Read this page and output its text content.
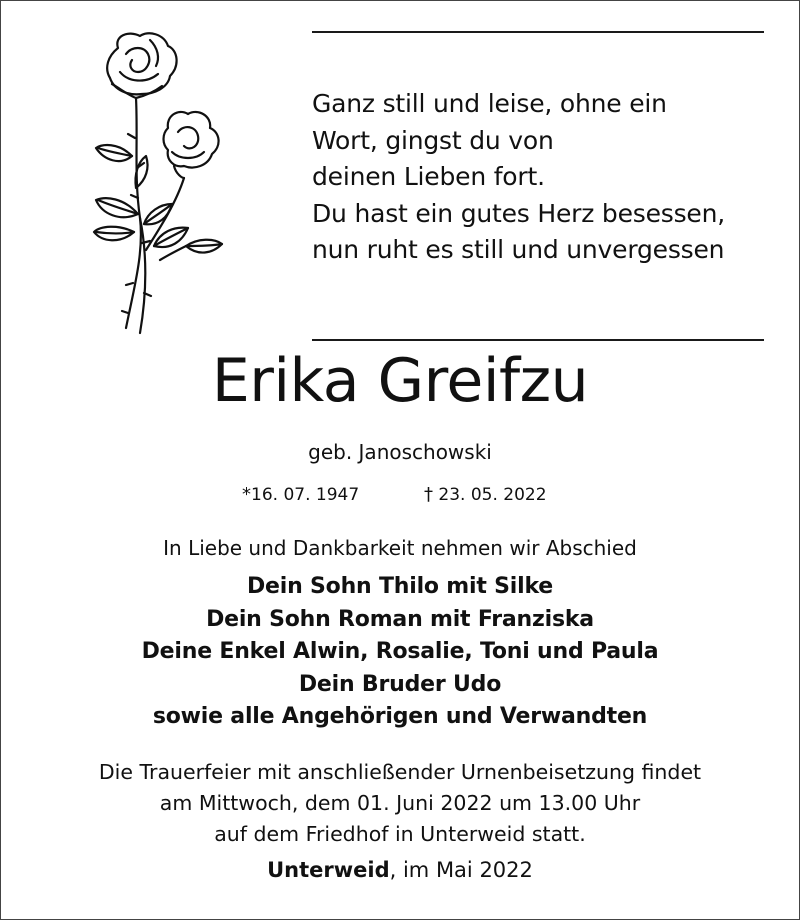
Ganz still und leise, ohne ein
Wort, gingst du von
deinen Lieben fort.
Du hast ein gutes Herz besessen,
nun ruht es still und unvergessen
Erika Greifzu
geb. Janoschowski
*16. 07. 1947	† 23. 05. 2022
In Liebe und Dankbarkeit nehmen wir Abschied
Dein Sohn Thilo mit Silke
Dein Sohn Roman mit Franziska
Deine Enkel Alwin, Rosalie, Toni und Paula
Dein Bruder Udo
sowie alle Angehörigen und Verwandten
Die Trauerfeier mit anschließender Urnenbeisetzung findet
am Mittwoch, dem 01. Juni 2022 um 13.00 Uhr
auf dem Friedhof in Unterweid statt.
Unterweid, im Mai 2022
